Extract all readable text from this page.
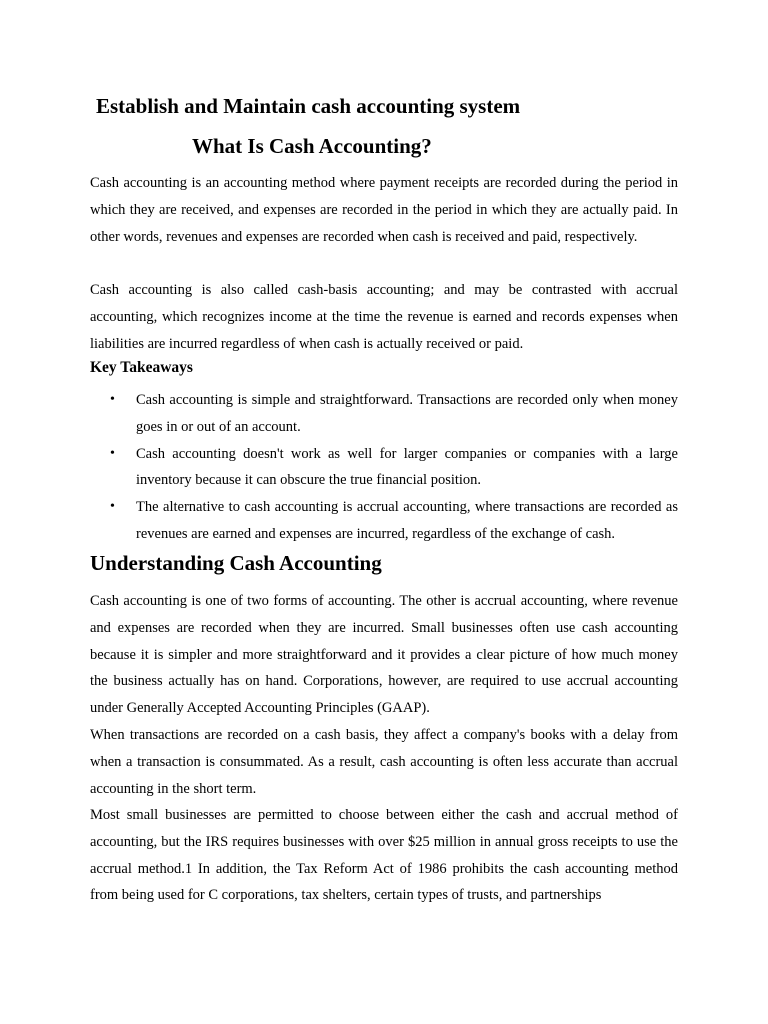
Establish and Maintain cash accounting system
What Is Cash Accounting?

Cash accounting is an accounting method where payment receipts are recorded during the period in which they are received, and expenses are recorded in the period in which they are actually paid. In other words, revenues and expenses are recorded when cash is received and paid, respectively.

Cash accounting is also called cash-basis accounting; and may be contrasted with accrual accounting, which recognizes income at the time the revenue is earned and records expenses when liabilities are incurred regardless of when cash is actually received or paid.

Key Takeaways
• Cash accounting is simple and straightforward. Transactions are recorded only when money goes in or out of an account.
• Cash accounting doesn't work as well for larger companies or companies with a large inventory because it can obscure the true financial position.
• The alternative to cash accounting is accrual accounting, where transactions are recorded as revenues are earned and expenses are incurred, regardless of the exchange of cash.
Understanding Cash Accounting

Cash accounting is one of two forms of accounting. The other is accrual accounting, where revenue and expenses are recorded when they are incurred. Small businesses often use cash accounting because it is simpler and more straightforward and it provides a clear picture of how much money the business actually has on hand. Corporations, however, are required to use accrual accounting under Generally Accepted Accounting Principles (GAAP).

When transactions are recorded on a cash basis, they affect a company's books with a delay from when a transaction is consummated. As a result, cash accounting is often less accurate than accrual accounting in the short term.

Most small businesses are permitted to choose between either the cash and accrual method of accounting, but the IRS requires businesses with over $25 million in annual gross receipts to use the accrual method.1 In addition, the Tax Reform Act of 1986 prohibits the cash accounting method from being used for C corporations, tax shelters, certain types of trusts, and partnerships
